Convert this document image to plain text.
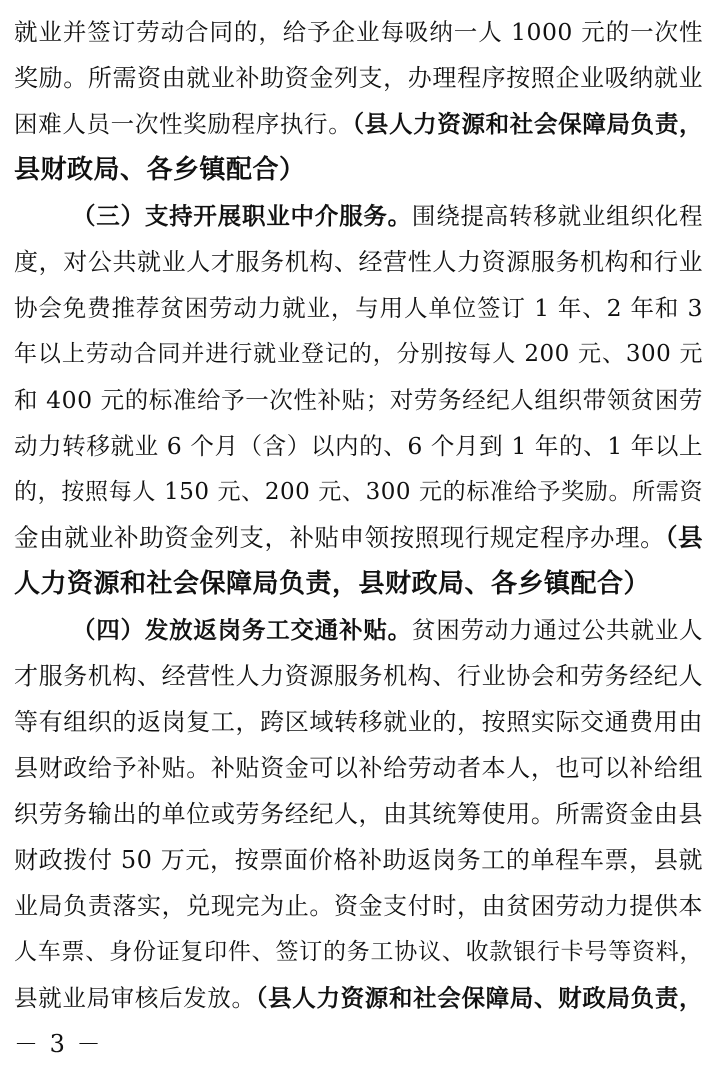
就业并签订劳动合同的，给予企业每吸纳一人 1000 元的一次性
奖励。所需资由就业补助资金列支，办理程序按照企业吸纳就业
困难人员一次性奖励程序执行。（县人力资源和社会保障局负责，
县财政局、各乡镇配合）
（三）支持开展职业中介服务。围绕提高转移就业组织化程
度，对公共就业人才服务机构、经营性人力资源服务机构和行业
协会免费推荐贫困劳动力就业，与用人单位签订 1 年、2 年和 3
年以上劳动合同并进行就业登记的，分别按每人 200 元、300 元
和 400 元的标准给予一次性补贴；对劳务经纪人组织带领贫困劳
动力转移就业 6 个月（含）以内的、6 个月到 1 年的、1 年以上
的，按照每人 150 元、200 元、300 元的标准给予奖励。所需资
金由就业补助资金列支，补贴申领按照现行规定程序办理。（县
人力资源和社会保障局负责，县财政局、各乡镇配合）
（四）发放返岗务工交通补贴。贫困劳动力通过公共就业人
才服务机构、经营性人力资源服务机构、行业协会和劳务经纪人
等有组织的返岗复工，跨区域转移就业的，按照实际交通费用由
县财政给予补贴。补贴资金可以补给劳动者本人，也可以补给组
织劳务输出的单位或劳务经纪人，由其统筹使用。所需资金由县
财政拨付 50 万元，按票面价格补助返岗务工的单程车票，县就
业局负责落实，兑现完为止。资金支付时，由贫困劳动力提供本
人车票、身份证复印件、签订的务工协议、收款银行卡号等资料，
县就业局审核后发放。（县人力资源和社会保障局、财政局负责，
－ 3 －
